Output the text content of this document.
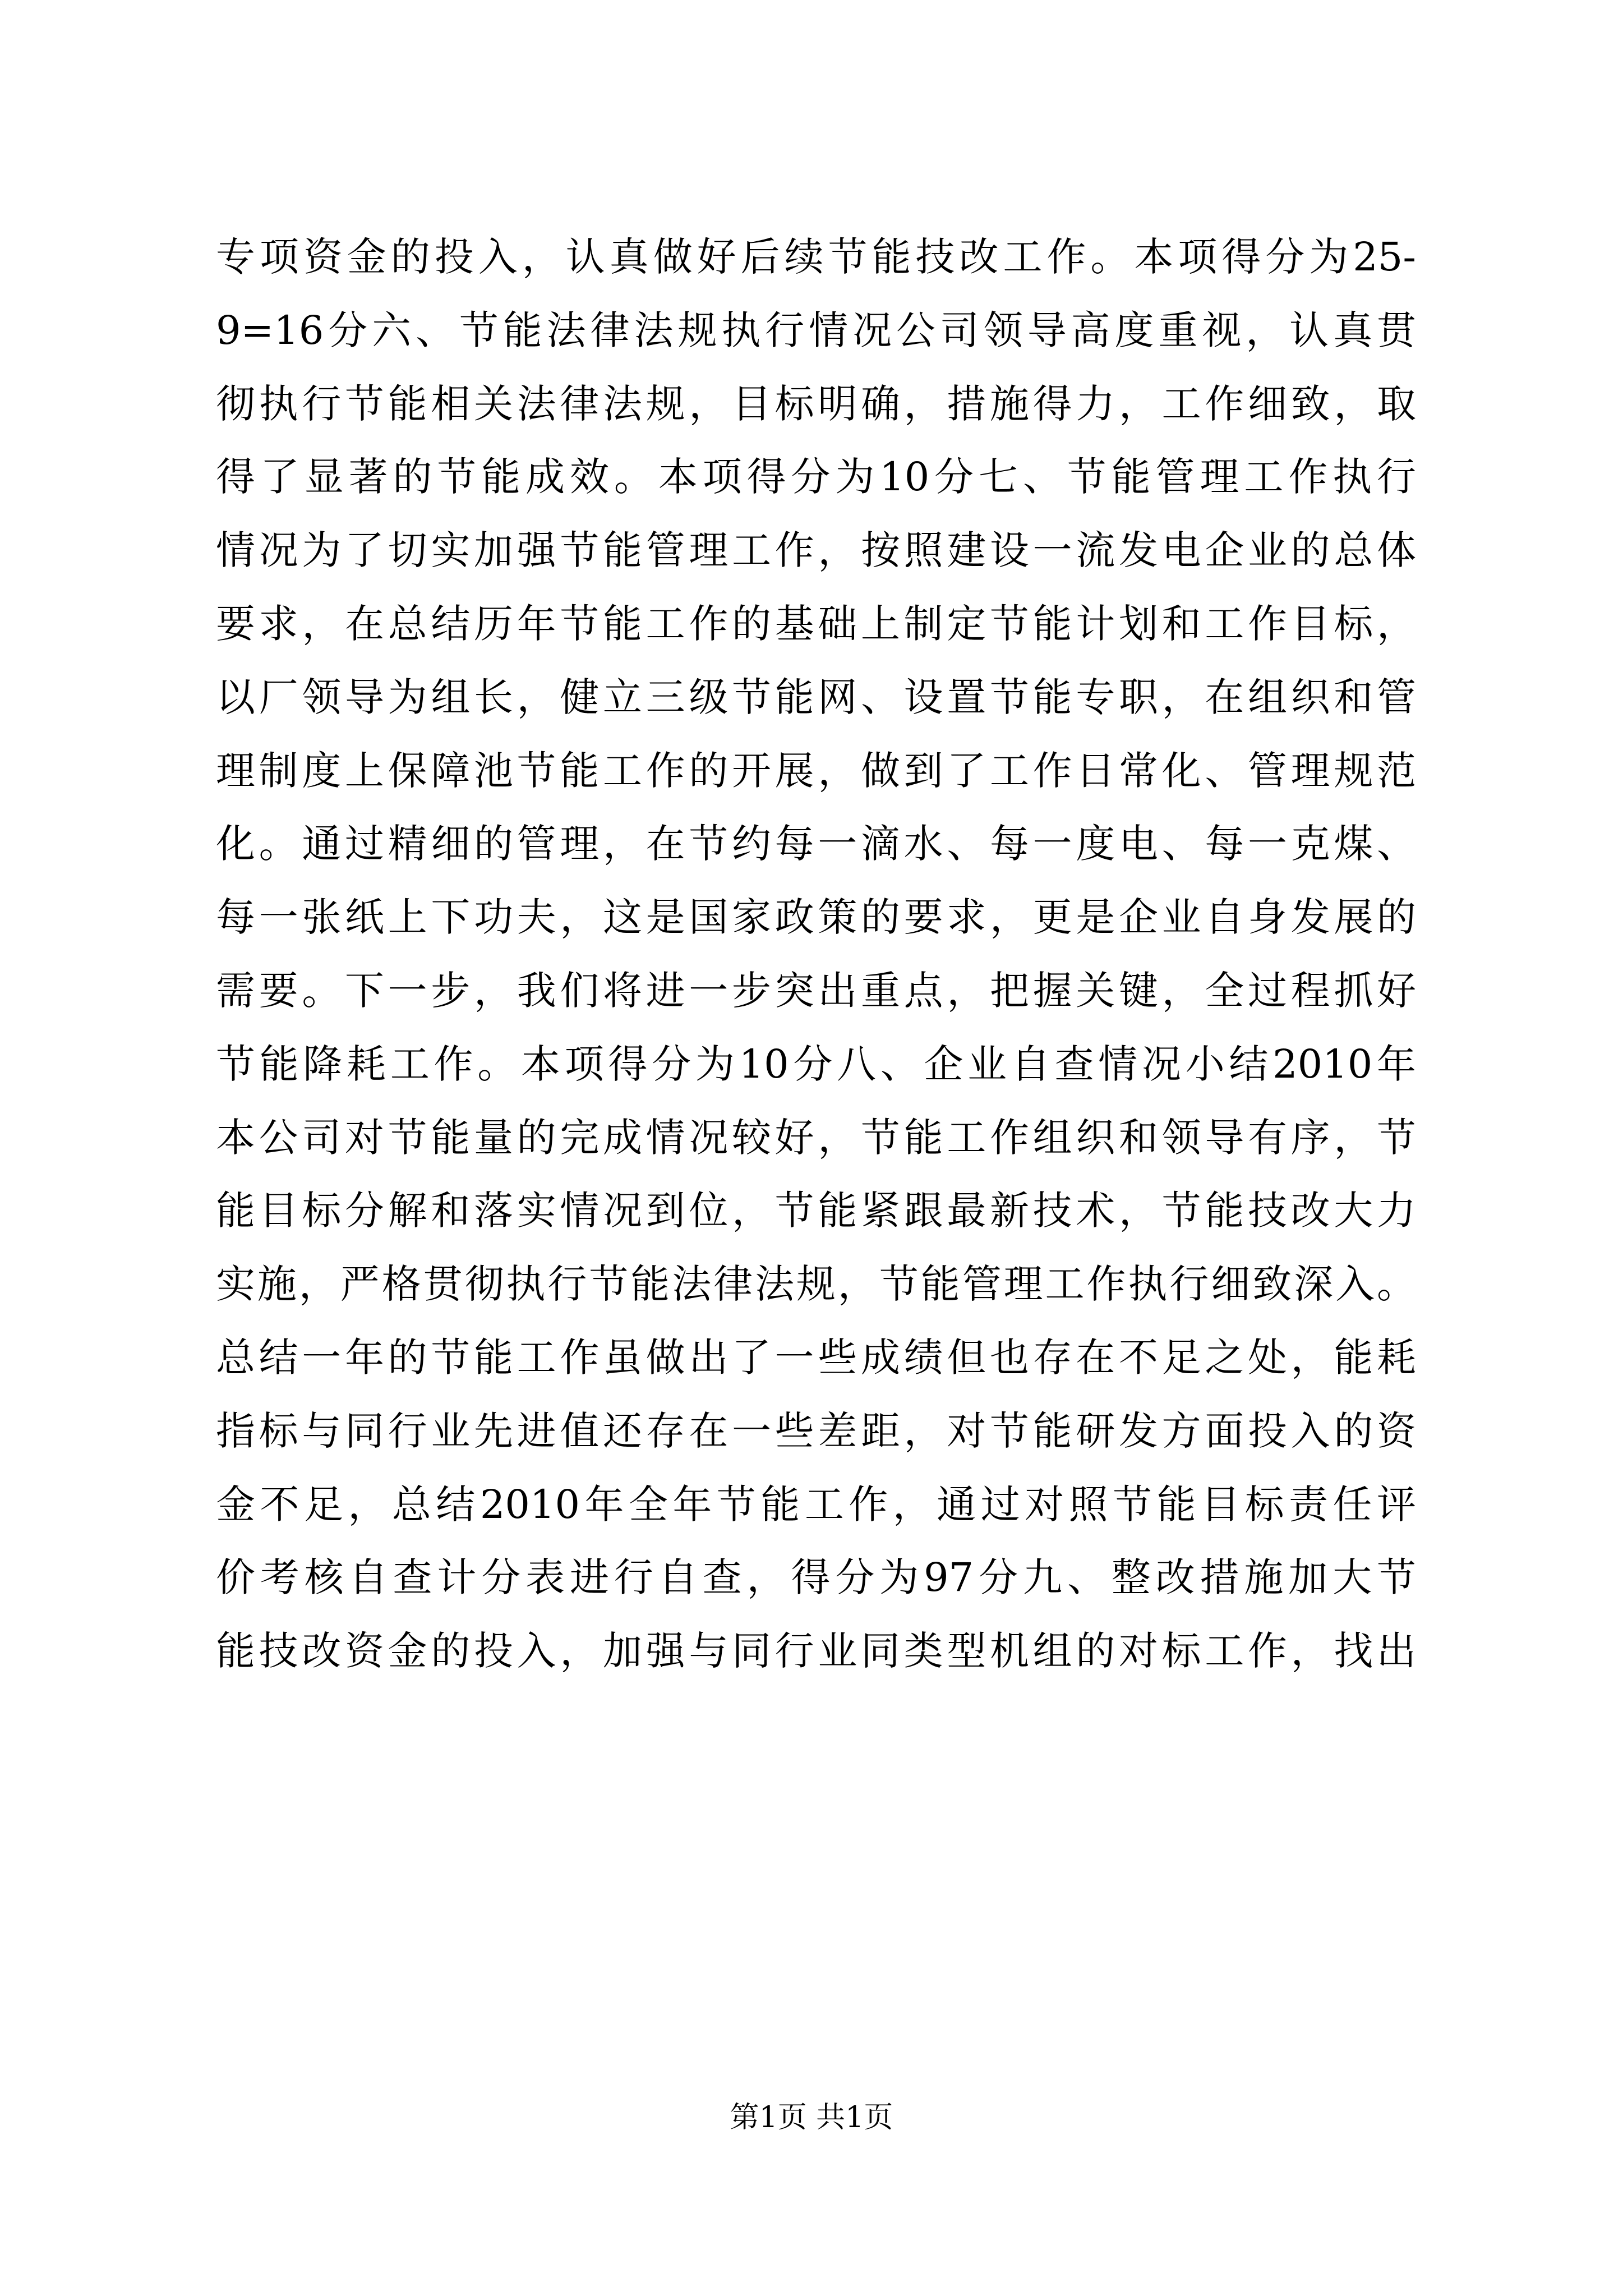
专项资金的投入，认真做好后续节能技改工作。本项得分为25-
9=16分六、节能法律法规执行情况公司领导高度重视，认真贯
彻执行节能相关法律法规，目标明确，措施得力，工作细致，取
得了显著的节能成效。本项得分为10分七、节能管理工作执行
情况为了切实加强节能管理工作，按照建设一流发电企业的总体
要求，在总结历年节能工作的基础上制定节能计划和工作目标，
以厂领导为组长，健立三级节能网、设置节能专职，在组织和管
理制度上保障池节能工作的开展，做到了工作日常化、管理规范
化。通过精细的管理，在节约每一滴水、每一度电、每一克煤、
每一张纸上下功夫，这是国家政策的要求，更是企业自身发展的
需要。下一步，我们将进一步突出重点，把握关键，全过程抓好
节能降耗工作。本项得分为10分八、企业自查情况小结2010年
本公司对节能量的完成情况较好，节能工作组织和领导有序，节
能目标分解和落实情况到位，节能紧跟最新技术，节能技改大力
实施，严格贯彻执行节能法律法规，节能管理工作执行细致深入。
总结一年的节能工作虽做出了一些成绩但也存在不足之处，能耗
指标与同行业先进值还存在一些差距，对节能研发方面投入的资
金不足，总结2010年全年节能工作，通过对照节能目标责任评
价考核自查计分表进行自查，得分为97分九、整改措施加大节
能技改资金的投入，加强与同行业同类型机组的对标工作，找出
第1页 共1页
